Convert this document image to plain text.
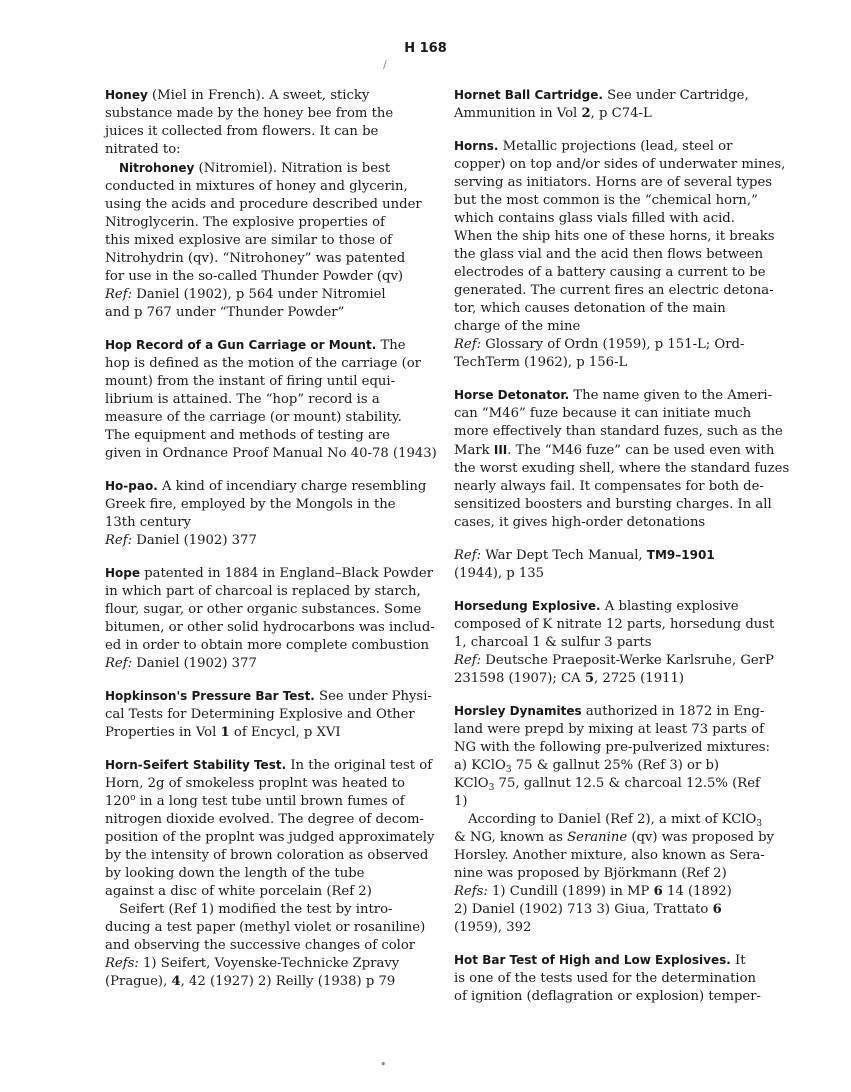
H 168
/
•
Honey (Miel in French). A sweet, sticky
substance made by the honey bee from the
juices it collected from flowers. It can be
nitrated to:
Nitrohoney (Nitromiel). Nitration is best
conducted in mixtures of honey and glycerin,
using the acids and procedure described under
Nitroglycerin. The explosive properties of
this mixed explosive are similar to those of
Nitrohydrin (qv). “Nitrohoney” was patented
for use in the so-called Thunder Powder (qv)
Ref: Daniel (1902), p 564 under Nitromiel
and p 767 under “Thunder Powder”
Hop Record of a Gun Carriage or Mount. The
hop is defined as the motion of the carriage (or
mount) from the instant of firing until equi-
librium is attained. The “hop” record is a
measure of the carriage (or mount) stability.
The equipment and methods of testing are
given in Ordnance Proof Manual No 40-78 (1943)
Ho-pao. A kind of incendiary charge resembling
Greek fire, employed by the Mongols in the
13th century
Ref: Daniel (1902) 377
Hope patented in 1884 in England–Black Powder
in which part of charcoal is replaced by starch,
flour, sugar, or other organic substances. Some
bitumen, or other solid hydrocarbons was includ-
ed in order to obtain more complete combustion
Ref: Daniel (1902) 377
Hopkinson's Pressure Bar Test. See under Physi-
cal Tests for Determining Explosive and Other
Properties in Vol 1 of Encycl, p XVI
Horn-Seifert Stability Test. In the original test of
Horn, 2g of smokeless proplnt was heated to
120$^o$ in a long test tube until brown fumes of
nitrogen dioxide evolved. The degree of decom-
position of the proplnt was judged approximately
by the intensity of brown coloration as observed
by looking down the length of the tube
against a disc of white porcelain (Ref 2)
Seifert (Ref 1) modified the test by intro-
ducing a test paper (methyl violet or rosaniline)
and observing the successive changes of color
Refs: 1) Seifert, Voyenske-Technicke Zpravy
(Prague), 4, 42 (1927) 2) Reilly (1938) p 79
Hornet Ball Cartridge. See under Cartridge,
Ammunition in Vol 2, p C74-L
Horns. Metallic projections (lead, steel or
copper) on top and/or sides of underwater mines,
serving as initiators. Horns are of several types
but the most common is the “chemical horn,”
which contains glass vials filled with acid.
When the ship hits one of these horns, it breaks
the glass vial and the acid then flows between
electrodes of a battery causing a current to be
generated. The current fires an electric detona-
tor, which causes detonation of the main
charge of the mine
Ref: Glossary of Ordn (1959), p 151-L; Ord-
TechTerm (1962), p 156-L
Horse Detonator. The name given to the Ameri-
can “M46” fuze because it can initiate much
more effectively than standard fuzes, such as the
Mark III. The “M46 fuze” can be used even with
the worst exuding shell, where the standard fuzes
nearly always fail. It compensates for both de-
sensitized boosters and bursting charges. In all
cases, it gives high-order detonations
Ref: War Dept Tech Manual, TM9–1901
(1944), p 135
Horsedung Explosive. A blasting explosive
composed of K nitrate 12 parts, horsedung dust
1, charcoal 1 & sulfur 3 parts
Ref: Deutsche Praeposit-Werke Karlsruhe, GerP
231598 (1907); CA 5, 2725 (1911)
Horsley Dynamites authorized in 1872 in Eng-
land were prepd by mixing at least 73 parts of
NG with the following pre-pulverized mixtures:
a) KClO$_3$ 75 & gallnut 25% (Ref 3) or b)
KClO$_3$ 75, gallnut 12.5 & charcoal 12.5% (Ref
1)
According to Daniel (Ref 2), a mixt of KClO$_3$
& NG, known as Seranine (qv) was proposed by
Horsley. Another mixture, also known as Sera-
nine was proposed by Björkmann (Ref 2)
Refs: 1) Cundill (1899) in MP 6 14 (1892)
2) Daniel (1902) 713 3) Giua, Trattato 6
(1959), 392
Hot Bar Test of High and Low Explosives. It
is one of the tests used for the determination
of ignition (deflagration or explosion) temper-
